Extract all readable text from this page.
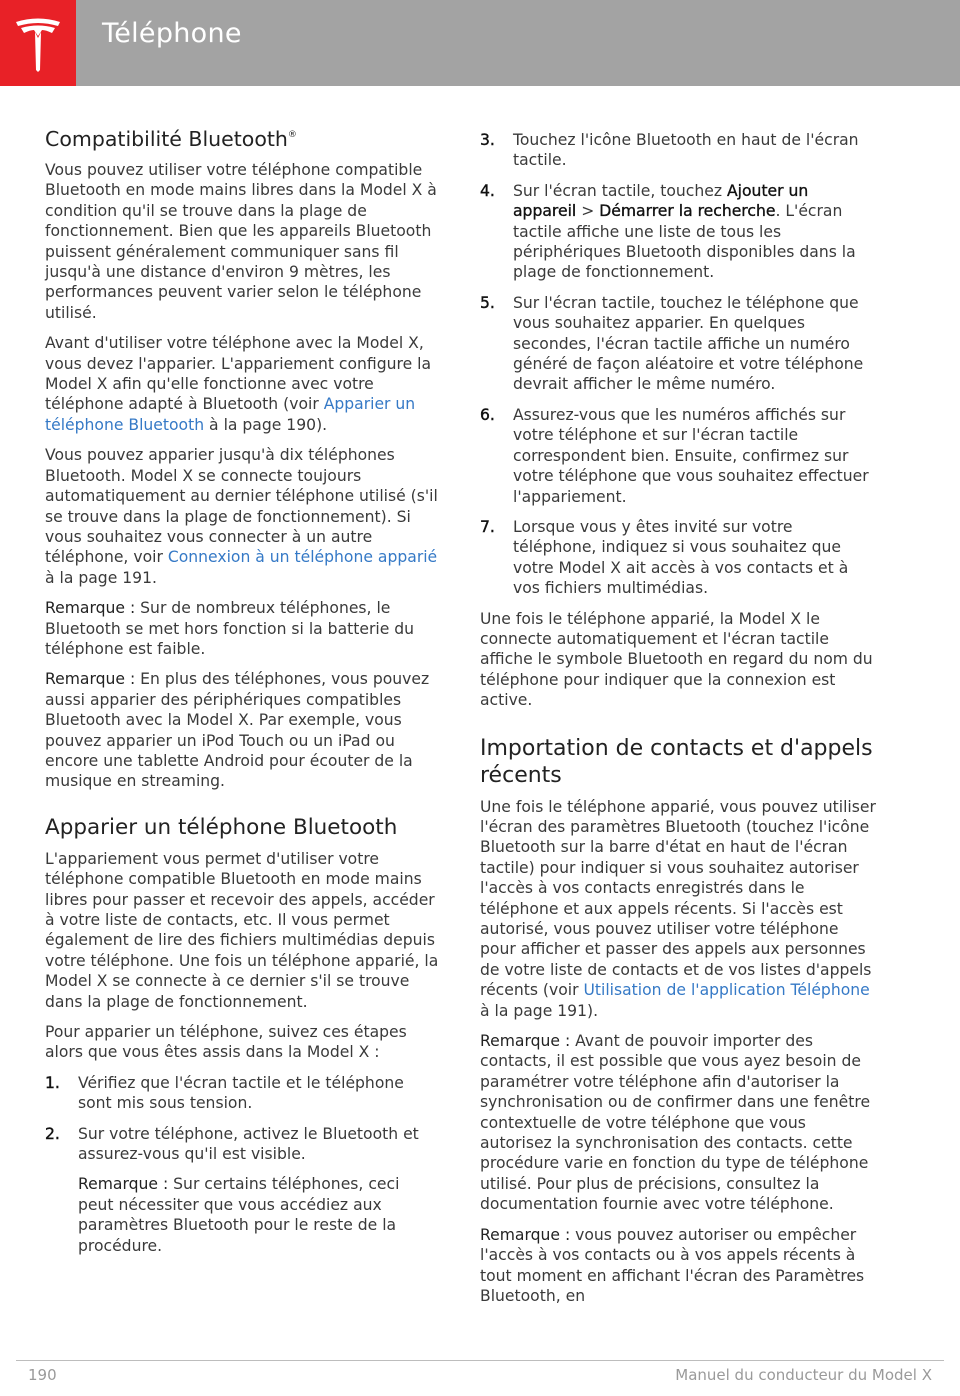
Téléphone
Compatibilité Bluetooth®

Vous pouvez utiliser votre téléphone compatible Bluetooth en mode mains libres dans la Model X à condition qu'il se trouve dans la plage de fonctionnement. Bien que les appareils Bluetooth puissent généralement communiquer sans fil jusqu'à une distance d'environ 9 mètres, les performances peuvent varier selon le téléphone utilisé.

Avant d'utiliser votre téléphone avec la Model X, vous devez l'apparier. L'appariement configure la Model X afin qu'elle fonctionne avec votre téléphone adapté à Bluetooth (voir Apparier un téléphone Bluetooth à la page 190).

Vous pouvez apparier jusqu'à dix téléphones Bluetooth. Model X se connecte toujours automatiquement au dernier téléphone utilisé (s'il se trouve dans la plage de fonctionnement). Si vous souhaitez vous connecter à un autre téléphone, voir Connexion à un téléphone apparié à la page 191.

Remarque : Sur de nombreux téléphones, le Bluetooth se met hors fonction si la batterie du téléphone est faible.

Remarque : En plus des téléphones, vous pouvez aussi apparier des périphériques compatibles Bluetooth avec la Model X. Par exemple, vous pouvez apparier un iPod Touch ou un iPad ou encore une tablette Android pour écouter de la musique en streaming.

Apparier un téléphone Bluetooth

L'appariement vous permet d'utiliser votre téléphone compatible Bluetooth en mode mains libres pour passer et recevoir des appels, accéder à votre liste de contacts, etc. Il vous permet également de lire des fichiers multimédias depuis votre téléphone. Une fois un téléphone apparié, la Model X se connecte à ce dernier s'il se trouve dans la plage de fonctionnement.

Pour apparier un téléphone, suivez ces étapes alors que vous êtes assis dans la Model X :

1. Vérifiez que l'écran tactile et le téléphone sont mis sous tension.
2. Sur votre téléphone, activez le Bluetooth et assurez-vous qu'il est visible.
Remarque : Sur certains téléphones, ceci peut nécessiter que vous accédiez aux paramètres Bluetooth pour le reste de la procédure.
3. Touchez l'icône Bluetooth en haut de l'écran tactile.
4. Sur l'écran tactile, touchez Ajouter un appareil > Démarrer la recherche. L'écran tactile affiche une liste de tous les périphériques Bluetooth disponibles dans la plage de fonctionnement.
5. Sur l'écran tactile, touchez le téléphone que vous souhaitez apparier. En quelques secondes, l'écran tactile affiche un numéro généré de façon aléatoire et votre téléphone devrait afficher le même numéro.
6. Assurez-vous que les numéros affichés sur votre téléphone et sur l'écran tactile correspondent bien. Ensuite, confirmez sur votre téléphone que vous souhaitez effectuer l'appariement.
7. Lorsque vous y êtes invité sur votre téléphone, indiquez si vous souhaitez que votre Model X ait accès à vos contacts et à vos fichiers multimédias.

Une fois le téléphone apparié, la Model X le connecte automatiquement et l'écran tactile affiche le symbole Bluetooth en regard du nom du téléphone pour indiquer que la connexion est active.

Importation de contacts et d'appels récents

Une fois le téléphone apparié, vous pouvez utiliser l'écran des paramètres Bluetooth (touchez l'icône Bluetooth sur la barre d'état en haut de l'écran tactile) pour indiquer si vous souhaitez autoriser l'accès à vos contacts enregistrés dans le téléphone et aux appels récents. Si l'accès est autorisé, vous pouvez utiliser votre téléphone pour afficher et passer des appels aux personnes de votre liste de contacts et de vos listes d'appels récents (voir Utilisation de l'application Téléphone à la page 191).

Remarque : Avant de pouvoir importer des contacts, il est possible que vous ayez besoin de paramétrer votre téléphone afin d'autoriser la synchronisation ou de confirmer dans une fenêtre contextuelle de votre téléphone que vous autorisez la synchronisation des contacts. cette procédure varie en fonction du type de téléphone utilisé. Pour plus de précisions, consultez la documentation fournie avec votre téléphone.

Remarque : vous pouvez autoriser ou empêcher l'accès à vos contacts ou à vos appels récents à tout moment en affichant l'écran des Paramètres Bluetooth, en

190	Manuel du conducteur du Model X
